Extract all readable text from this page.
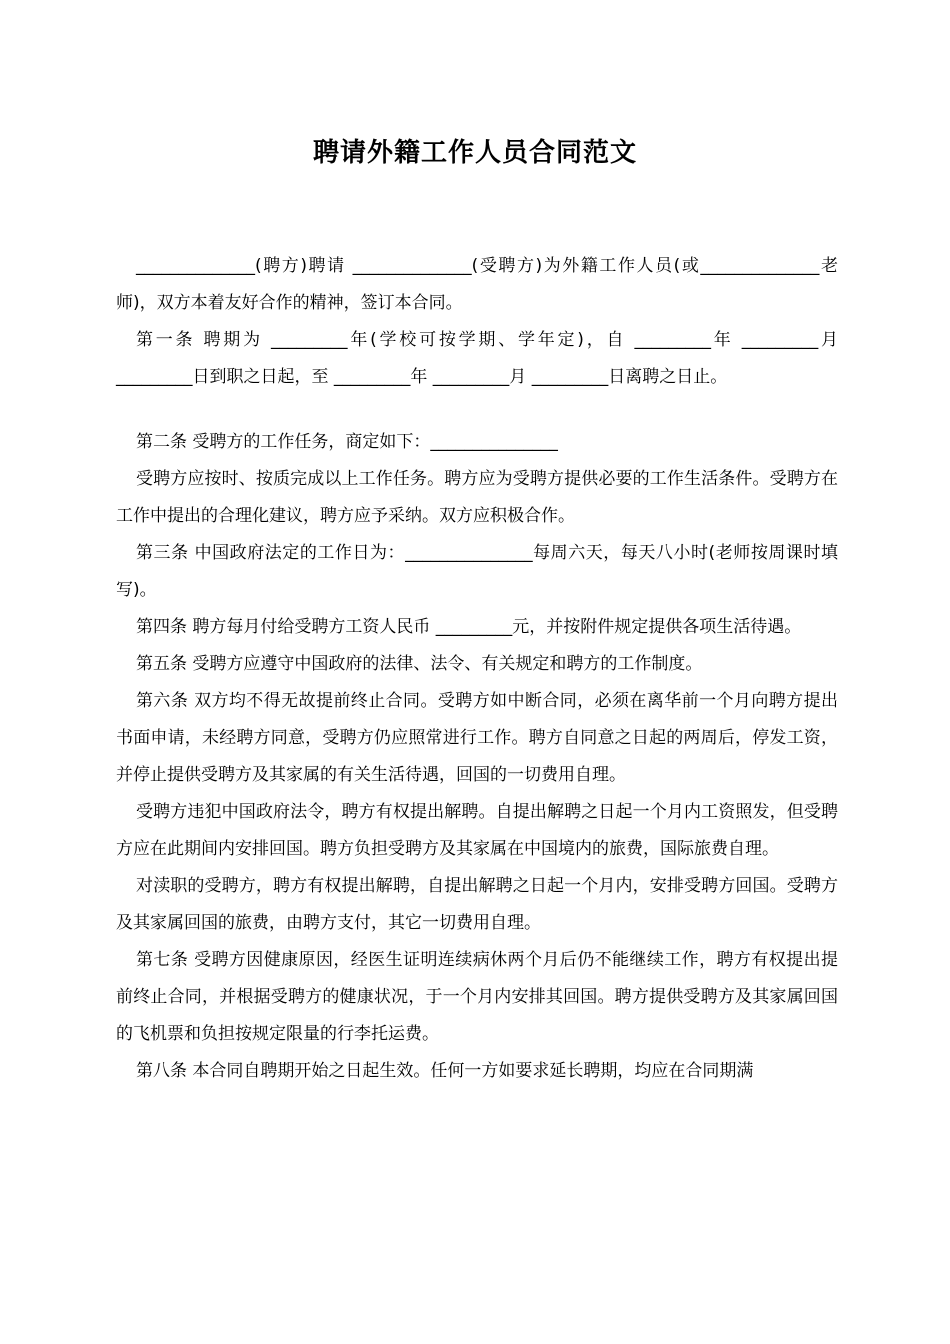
聘请外籍工作人员合同范文

______________(聘方)聘请 ______________(受聘方)为外籍工作人员(或______________老师)，双方本着友好合作的精神，签订本合同。

第一条 聘期为 _________年(学校可按学期、学年定)，自 _________年 _________月 _________日到职之日起，至 _________年 _________月 _________日离聘之日止。

第二条 受聘方的工作任务，商定如下：_______________

受聘方应按时、按质完成以上工作任务。聘方应为受聘方提供必要的工作生活条件。受聘方在工作中提出的合理化建议，聘方应予采纳。双方应积极合作。

第三条 中国政府法定的工作日为：_______________每周六天，每天八小时(老师按周课时填写)。

第四条 聘方每月付给受聘方工资人民币 _________元，并按附件规定提供各项生活待遇。

第五条 受聘方应遵守中国政府的法律、法令、有关规定和聘方的工作制度。

第六条 双方均不得无故提前终止合同。受聘方如中断合同，必须在离华前一个月向聘方提出书面申请，未经聘方同意，受聘方仍应照常进行工作。聘方自同意之日起的两周后，停发工资，并停止提供受聘方及其家属的有关生活待遇，回国的一切费用自理。

受聘方违犯中国政府法令，聘方有权提出解聘。自提出解聘之日起一个月内工资照发，但受聘方应在此期间内安排回国。聘方负担受聘方及其家属在中国境内的旅费，国际旅费自理。

对渎职的受聘方，聘方有权提出解聘，自提出解聘之日起一个月内，安排受聘方回国。受聘方及其家属回国的旅费，由聘方支付，其它一切费用自理。

第七条 受聘方因健康原因，经医生证明连续病休两个月后仍不能继续工作，聘方有权提出提前终止合同，并根据受聘方的健康状况，于一个月内安排其回国。聘方提供受聘方及其家属回国的飞机票和负担按规定限量的行李托运费。

第八条 本合同自聘期开始之日起生效。任何一方如要求延长聘期，均应在合同期满
